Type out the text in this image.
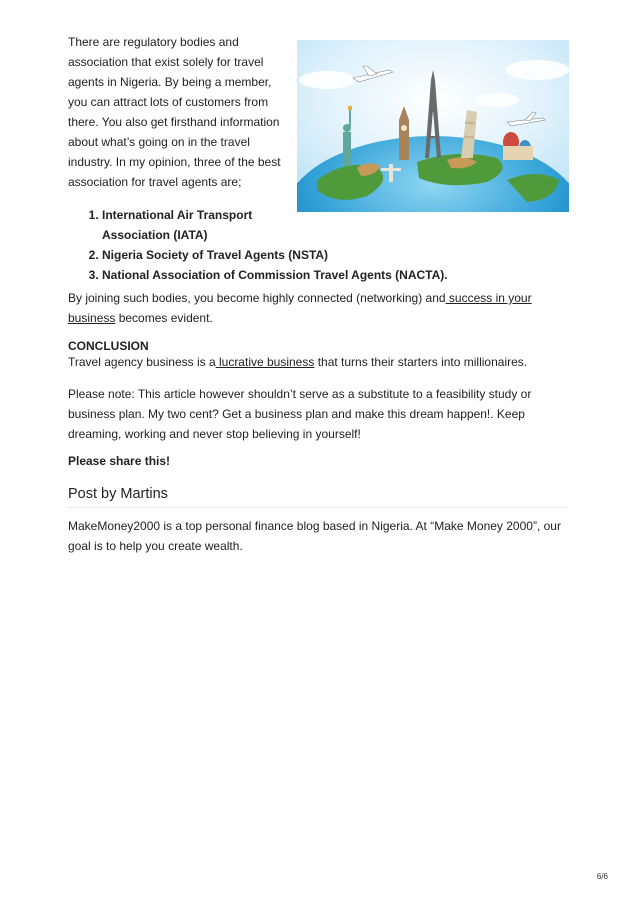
There are regulatory bodies and association that exist solely for travel agents in Nigeria. By being a member, you can attract lots of customers from there. You also get firsthand information about what’s going on in the travel industry. In my opinion, three of the best association for travel agents are;

1. International Air Transport Association (IATA)
2. Nigeria Society of Travel Agents (NSTA)
3. National Association of Commission Travel Agents (NACTA).

By joining such bodies, you become highly connected (networking) and success in your business becomes evident.

CONCLUSION

Travel agency business is a lucrative business that turns their starters into millionaires.

Please note: This article however shouldn’t serve as a substitute to a feasibility study or business plan. My two cent? Get a business plan and make this dream happen!. Keep dreaming, working and never stop believing in yourself!

Please share this!

Post by Martins

MakeMoney2000 is a top personal finance blog based in Nigeria. At “Make Money 2000”, our goal is to help you create wealth.

6/6
